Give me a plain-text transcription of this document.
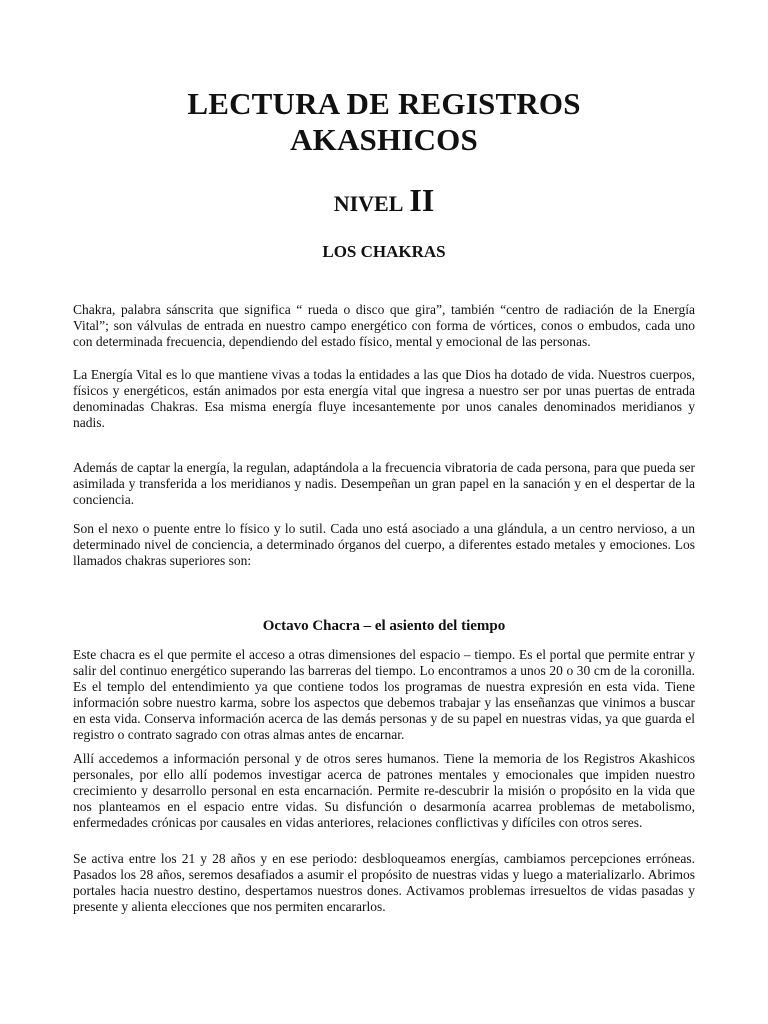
LECTURA DE REGISTROS
AKASHICOS
NIVEL II
LOS CHAKRAS

Chakra, palabra sánscrita que significa “ rueda o disco que gira”, también “centro de radiación de la Energía Vital”; son válvulas de entrada en nuestro campo energético con forma de vórtices, conos o embudos, cada uno con determinada frecuencia, dependiendo del estado físico, mental y emocional de las personas.

La Energía Vital es lo que mantiene vivas a todas la entidades a las que Dios ha dotado de vida. Nuestros cuerpos, físicos y energéticos, están animados por esta energía vital que ingresa a nuestro ser por unas puertas de entrada denominadas Chakras. Esa misma energía fluye incesantemente por unos canales denominados meridianos y nadis.

Además de captar la energía, la regulan, adaptándola a la frecuencia vibratoria de cada persona, para que pueda ser asimilada y transferida a los meridianos y nadis. Desempeñan un gran papel en la sanación y en el despertar de la conciencia.

Son el nexo o puente entre lo físico y lo sutil. Cada uno está asociado a una glándula, a un centro nervioso, a un determinado nivel de conciencia, a determinado órganos del cuerpo, a diferentes estado metales y emociones. Los llamados chakras superiores son:

Octavo Chacra – el asiento del tiempo

Este chacra es el que permite el acceso a otras dimensiones del espacio – tiempo. Es el portal que permite entrar y salir del continuo energético superando las barreras del tiempo. Lo encontramos a unos 20 o 30 cm de la coronilla. Es el templo del entendimiento ya que contiene todos los programas de nuestra expresión en esta vida. Tiene información sobre nuestro karma, sobre los aspectos que debemos trabajar y las enseñanzas que vinimos a buscar en esta vida. Conserva información acerca de las demás personas y de su papel en nuestras vidas, ya que guarda el registro o contrato sagrado con otras almas antes de encarnar.

Allí accedemos a información personal y de otros seres humanos. Tiene la memoria de los Registros Akashicos personales, por ello allí podemos investigar acerca de patrones mentales y emocionales que impiden nuestro crecimiento y desarrollo personal en esta encarnación. Permite re-descubrir la misión o propósito en la vida que nos planteamos en el espacio entre vidas. Su disfunción o desarmonía acarrea problemas de metabolismo, enfermedades crónicas por causales en vidas anteriores, relaciones conflictivas y difíciles con otros seres.

Se activa entre los 21 y 28 años y en ese periodo: desbloqueamos energías, cambiamos percepciones erróneas. Pasados los 28 años, seremos desafiados a asumir el propósito de nuestras vidas y luego a materializarlo. Abrimos portales hacia nuestro destino, despertamos nuestros dones. Activamos problemas irresueltos de vidas pasadas y presente y alienta elecciones que nos permiten encararlos.
